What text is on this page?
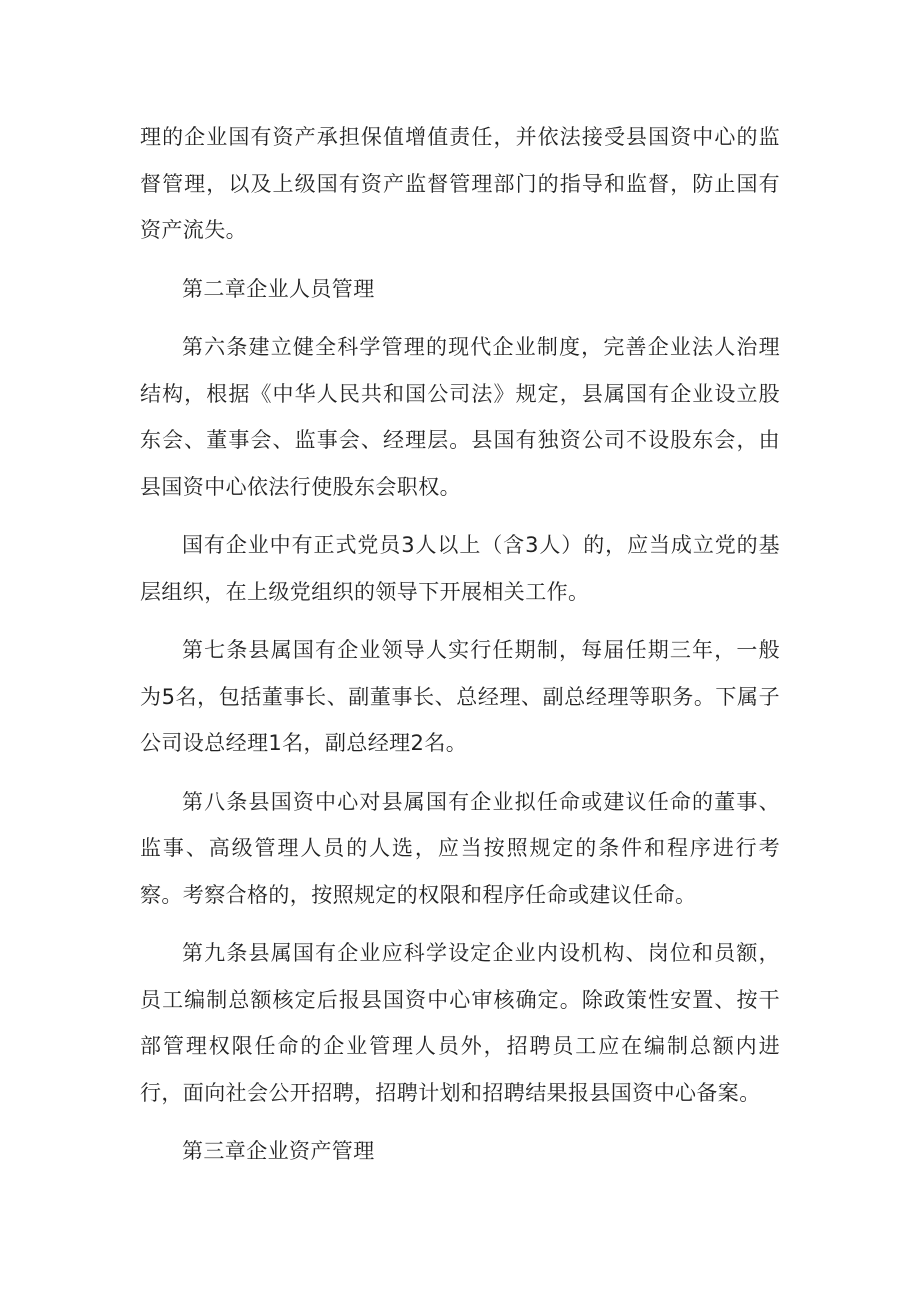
理的企业国有资产承担保值增值责任，并依法接受县国资中心的监督管理，以及上级国有资产监督管理部门的指导和监督，防止国有资产流失。

第二章企业人员管理

第六条建立健全科学管理的现代企业制度，完善企业法人治理结构，根据《中华人民共和国公司法》规定，县属国有企业设立股东会、董事会、监事会、经理层。县国有独资公司不设股东会，由县国资中心依法行使股东会职权。

国有企业中有正式党员3人以上（含3人）的，应当成立党的基层组织，在上级党组织的领导下开展相关工作。

第七条县属国有企业领导人实行任期制，每届任期三年，一般为5名，包括董事长、副董事长、总经理、副总经理等职务。下属子公司设总经理1名，副总经理2名。

第八条县国资中心对县属国有企业拟任命或建议任命的董事、监事、高级管理人员的人选，应当按照规定的条件和程序进行考察。考察合格的，按照规定的权限和程序任命或建议任命。

第九条县属国有企业应科学设定企业内设机构、岗位和员额，员工编制总额核定后报县国资中心审核确定。除政策性安置、按干部管理权限任命的企业管理人员外，招聘员工应在编制总额内进行，面向社会公开招聘，招聘计划和招聘结果报县国资中心备案。

第三章企业资产管理
